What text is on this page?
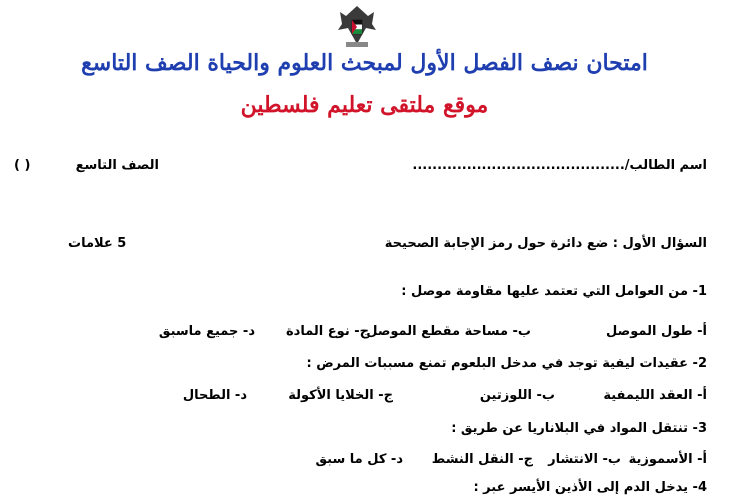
امتحان نصف الفصل الأول لمبحث العلوم والحياة الصف التاسع
موقع ملتقى تعليم فلسطين
اسم الطالب/...........................................
الصف التاسع
( )
السؤال الأول : ضع دائرة حول رمز الإجابة الصحيحة
5 علامات
1- من العوامل التي تعتمد عليها مقاومة موصل :
أ- طول الموصل
ب- مساحة مقطع الموصل
ج- نوع المادة
د- جميع ماسبق
2- عقيدات ليفية توجد في مدخل البلعوم تمنع مسببات المرض :
أ- العقد الليمفية
ب- اللوزتين
ج- الخلايا الأكولة
د- الطحال
3- تنتقل المواد في البلاناريا عن طريق :
أ- الأسموزية
ب- الانتشار
ج- النقل النشط
د- كل ما سبق
4- يدخل الدم إلى الأذين الأيسر عبر :
